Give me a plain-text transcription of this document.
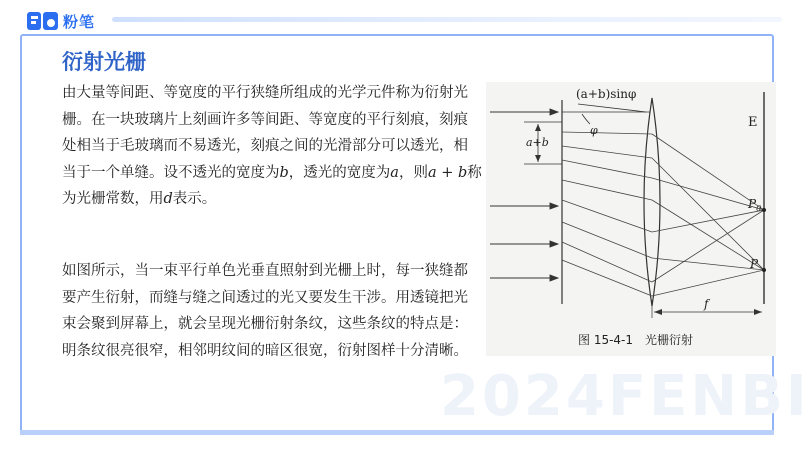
粉笔
2024FENBI
衍射光栅

由大量等间距、等宽度的平行狭缝所组成的光学元件称为衍射光栅。在一块玻璃片上刻画许多等间距、等宽度的平行刻痕，刻痕处相当于毛玻璃而不易透光，刻痕之间的光滑部分可以透光，相当于一个单缝。设不透光的宽度为b，透光的宽度为a，则a + b称为光栅常数，用d表示。

如图所示，当一束平行单色光垂直照射到光栅上时，每一狭缝都要产生衍射，而缝与缝之间透过的光又要发生干涉。用透镜把光束会聚到屏幕上，就会呈现光栅衍射条纹，这些条纹的特点是：明条纹很亮很窄，相邻明纹间的暗区很宽，衍射图样十分清晰。

(a+b)sinφ
φ
a+b
E
$P_0$
P
f
图 15-4-1　光栅衍射
